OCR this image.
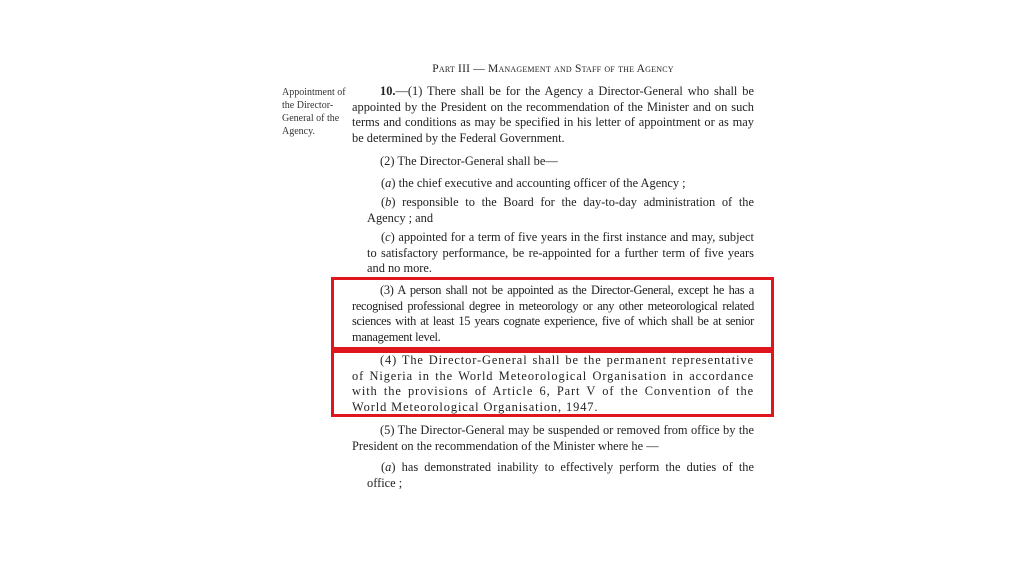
Part III — Management and Staff of the Agency
Appointment of the Director-General of the Agency.

10.—(1) There shall be for the Agency a Director-General who shall be appointed by the President on the recommendation of the Minister and on such terms and conditions as may be specified in his letter of appointment or as may be determined by the Federal Government.

(2) The Director-General shall be—

(a) the chief executive and accounting officer of the Agency ;

(b) responsible to the Board for the day-to-day administration of the Agency ; and

(c) appointed for a term of five years in the first instance and may, subject to satisfactory performance, be re-appointed for a further term of five years and no more.

(3) A person shall not be appointed as the Director-General, except he has a recognised professional degree in meteorology or any other meteorological related sciences with at least 15 years cognate experience, five of which shall be at senior management level.

(4) The Director-General shall be the permanent representative of Nigeria in the World Meteorological Organisation in accordance with the provisions of Article 6, Part V of the Convention of the World Meteorological Organisation, 1947.

(5) The Director-General may be suspended or removed from office by the President on the recommendation of the Minister where he —

(a) has demonstrated inability to effectively perform the duties of the office ;
